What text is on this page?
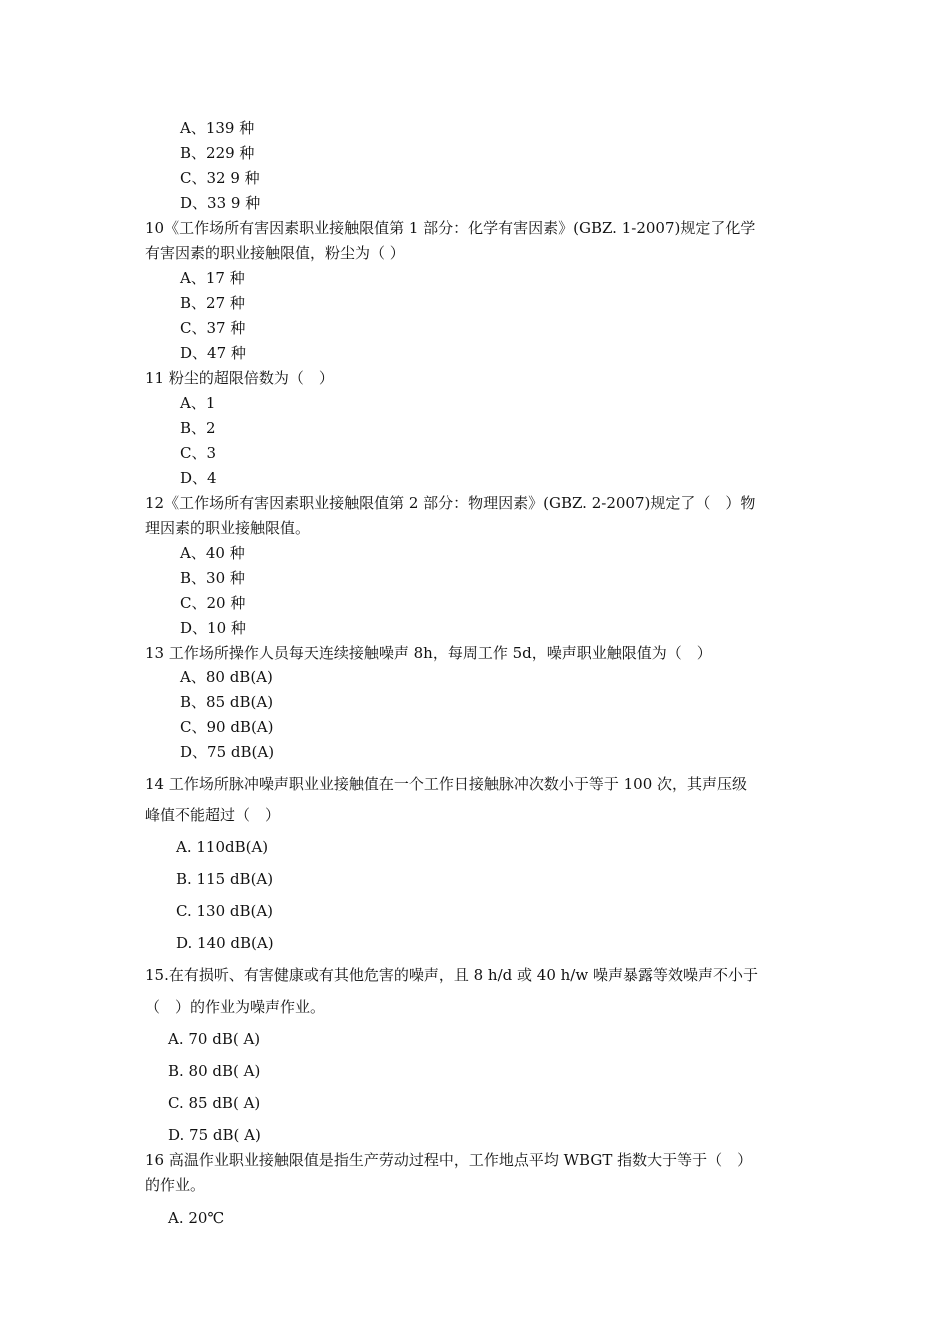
A、139 种
B、229 种
C、32 9 种
D、33 9 种
10《工作场所有害因素职业接触限值第 1 部分：化学有害因素》(GBZ. 1-2007)规定了化学
有害因素的职业接触限值，粉尘为（ ）
A、17 种
B、27 种
C、37 种
D、47 种
11 粉尘的超限倍数为（　）
A、1
B、2
C、3
D、4
12《工作场所有害因素职业接触限值第 2 部分：物理因素》(GBZ. 2-2007)规定了（　）物
理因素的职业接触限值。
A、40 种
B、30 种
C、20 种
D、10 种
13 工作场所操作人员每天连续接触噪声 8h，每周工作 5d，噪声职业触限值为（　）
A、80 dB(A)
B、85 dB(A)
C、90 dB(A)
D、75 dB(A)
14 工作场所脉冲噪声职业业接触值在一个工作日接触脉冲次数小于等于 100 次，其声压级
峰值不能超过（　）
A. 110dB(A)
B. 115 dB(A)
C. 130 dB(A)
D. 140 dB(A)
15.在有损听、有害健康或有其他危害的噪声，且 8 h/d 或 40 h/w 噪声暴露等效噪声不小于
（　）的作业为噪声作业。
A. 70 dB( A)
B. 80 dB( A)
C. 85 dB( A)
D. 75 dB( A)
16 高温作业职业接触限值是指生产劳动过程中，工作地点平均 WBGT 指数大于等于（　）
的作业。
A. 20℃
